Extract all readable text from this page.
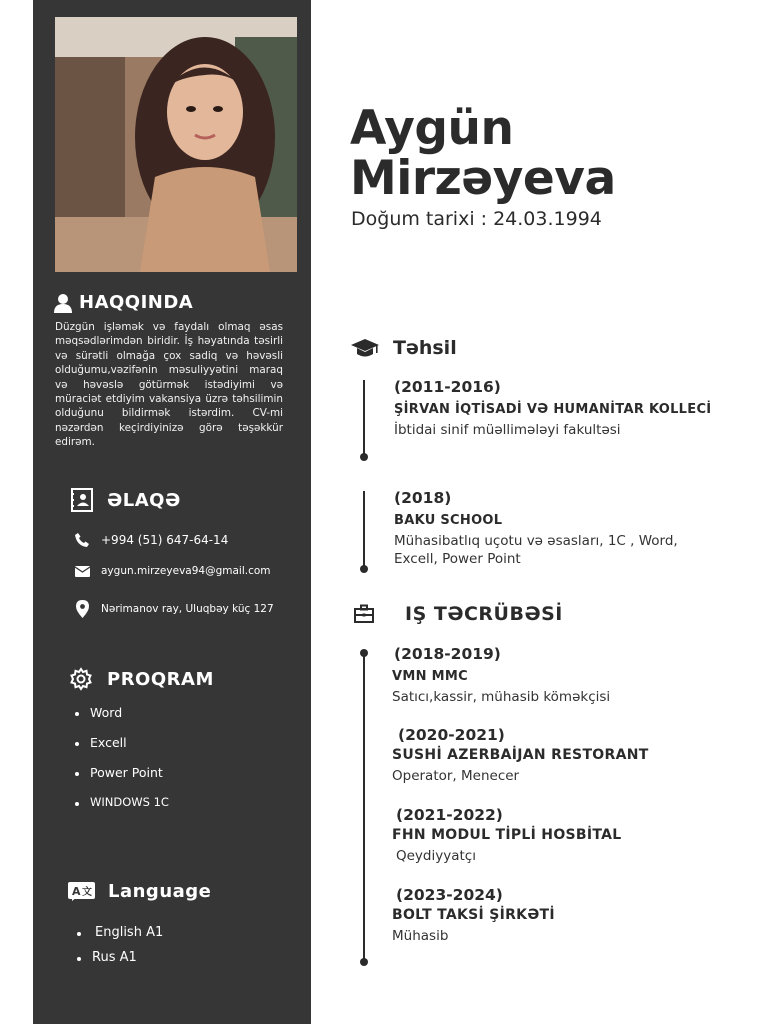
HAQQINDA
Düzgün işləmək və faydalı olmaq əsas məqsədlərimdən biridir. İş həyatında təsirli və sürətli olmağa çox sadiq və həvəsli olduğumu,vəzifənin məsuliyyətini maraq və həvəslə götürmək istədiyimi və müraciət etdiyim vakansiya üzrə təhsilimin olduğunu bildirmək istərdim. CV-mi nəzərdən keçirdiyinizə görə təşəkkür edirəm.
ƏLAQƏ
+994 (51) 647-64-14
aygun.mirzeyeva94@gmail.com
Nərimanov ray, Uluqbəy küç 127
PROQRAM
Word
Excell
Power Point
WINDOWS 1C
A 文 Language
English A1
Rus A1
Aygün
Mirzəyeva
Doğum tarixi : 24.03.1994
Təhsil
(2011-2016)
ŞİRVAN İQTİSADİ VƏ HUMANİTAR KOLLECİ
İbtidai sinif müəllimələyi fakultəsi
(2018)
BAKU SCHOOL
Mühasibatlıq uçotu və əsasları, 1C , Word, Excell, Power Point
IŞ TƏCRÜBƏSİ
(2018-2019)
VMN MMC
Satıcı,kassir, mühasib köməkçisi
(2020-2021)
SUSHİ AZERBAİJAN RESTORANT
Operator, Menecer
(2021-2022)
FHN MODUL TİPLİ HOSBİTAL
Qeydiyyatçı
(2023-2024)
BOLT TAKSİ ŞİRKƏTİ
Mühasib
